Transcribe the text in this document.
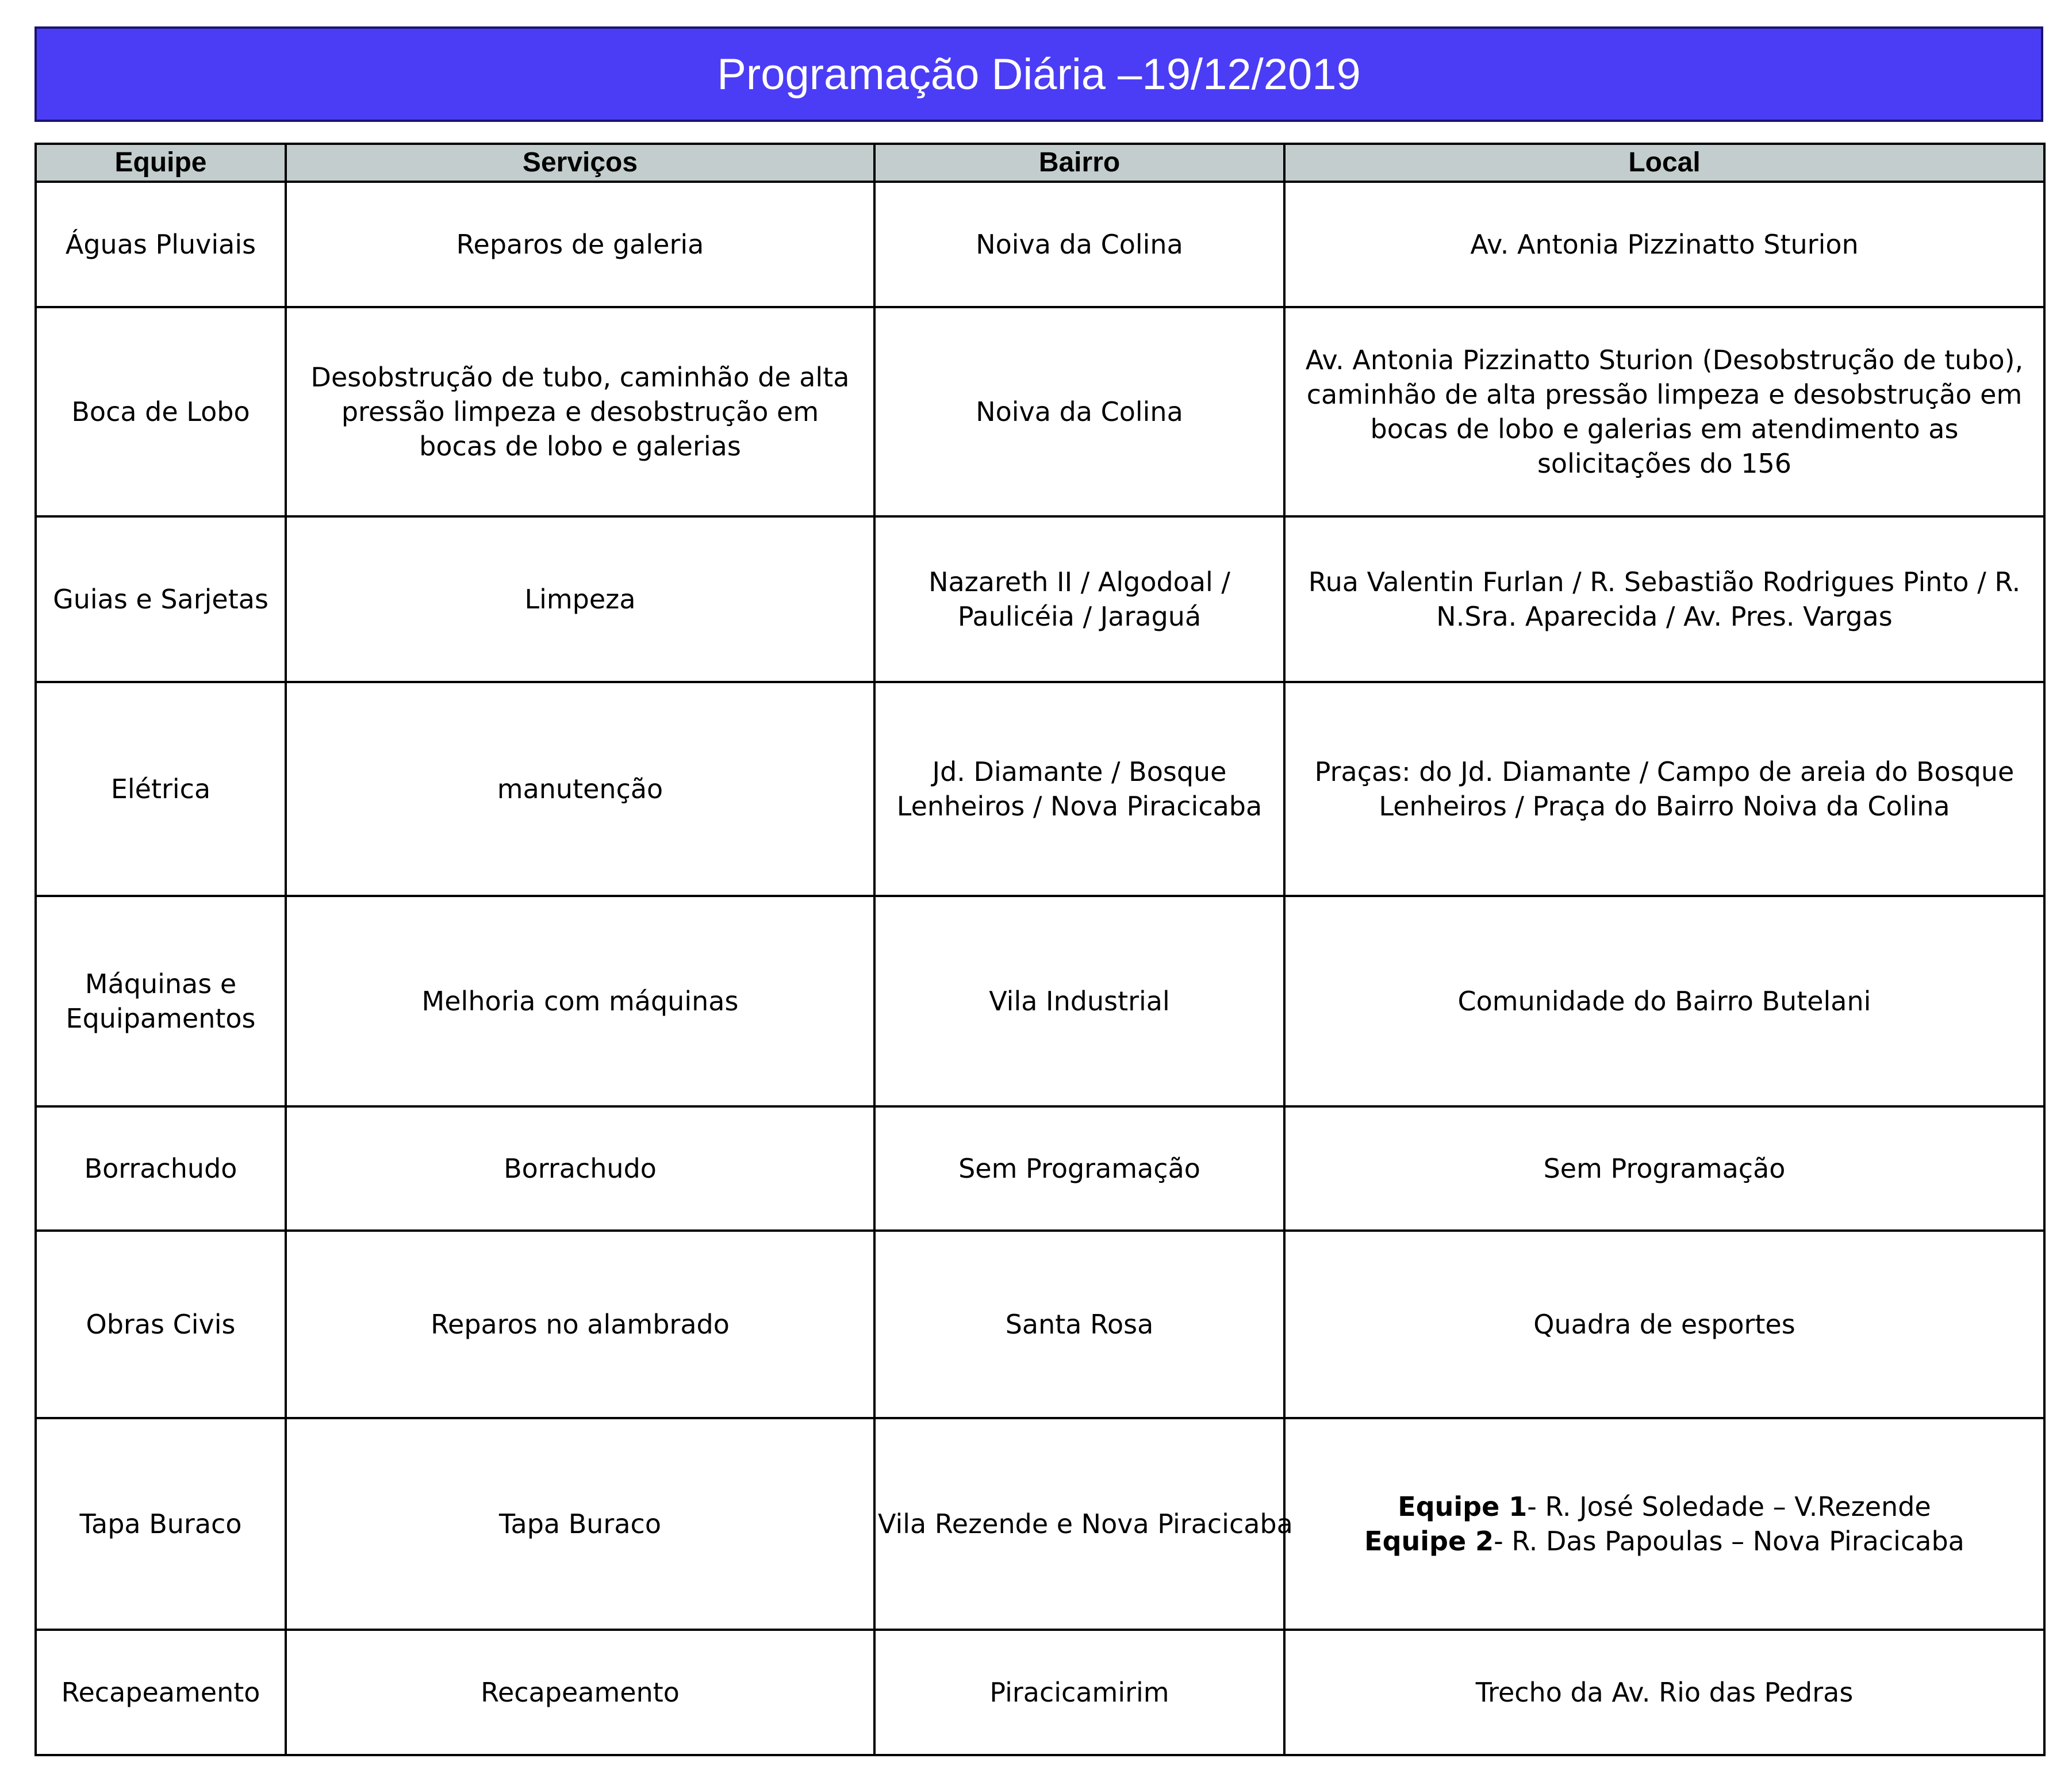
Programação Diária – 19/12/2019
Equipe	Serviços	Bairro	Local
Águas Pluviais	Reparos de galeria	Noiva da Colina	Av. Antonia Pizzinatto Sturion
Boca de Lobo	Desobstrução de tubo, caminhão de alta pressão limpeza e desobstrução em bocas de lobo e galerias	Noiva da Colina	Av. Antonia Pizzinatto Sturion (Desobstrução de tubo), caminhão de alta pressão limpeza e desobstrução em bocas de lobo e galerias em atendimento as solicitações do 156
Guias e Sarjetas	Limpeza	Nazareth II / Algodoal / Paulicéia / Jaraguá	Rua Valentin Furlan / R. Sebastião Rodrigues Pinto / R. N.Sra. Aparecida / Av. Pres. Vargas
Elétrica	manutenção	Jd. Diamante / Bosque Lenheiros / Nova Piracicaba	Praças: do Jd. Diamante / Campo de areia do Bosque Lenheiros / Praça do Bairro Noiva da Colina
Máquinas e Equipamentos	Melhoria com máquinas	Vila Industrial	Comunidade do Bairro Butelani
Borrachudo	Borrachudo	Sem Programação	Sem Programação
Obras Civis	Reparos no alambrado	Santa Rosa	Quadra de esportes
Tapa Buraco	Tapa Buraco	Vila Rezende e Nova Piracicaba	Equipe 1- R. José Soledade – V.Rezende
Equipe 2- R. Das Papoulas – Nova Piracicaba

Recapeamento	Recapeamento	Piracicamirim	Trecho da Av. Rio das Pedras
